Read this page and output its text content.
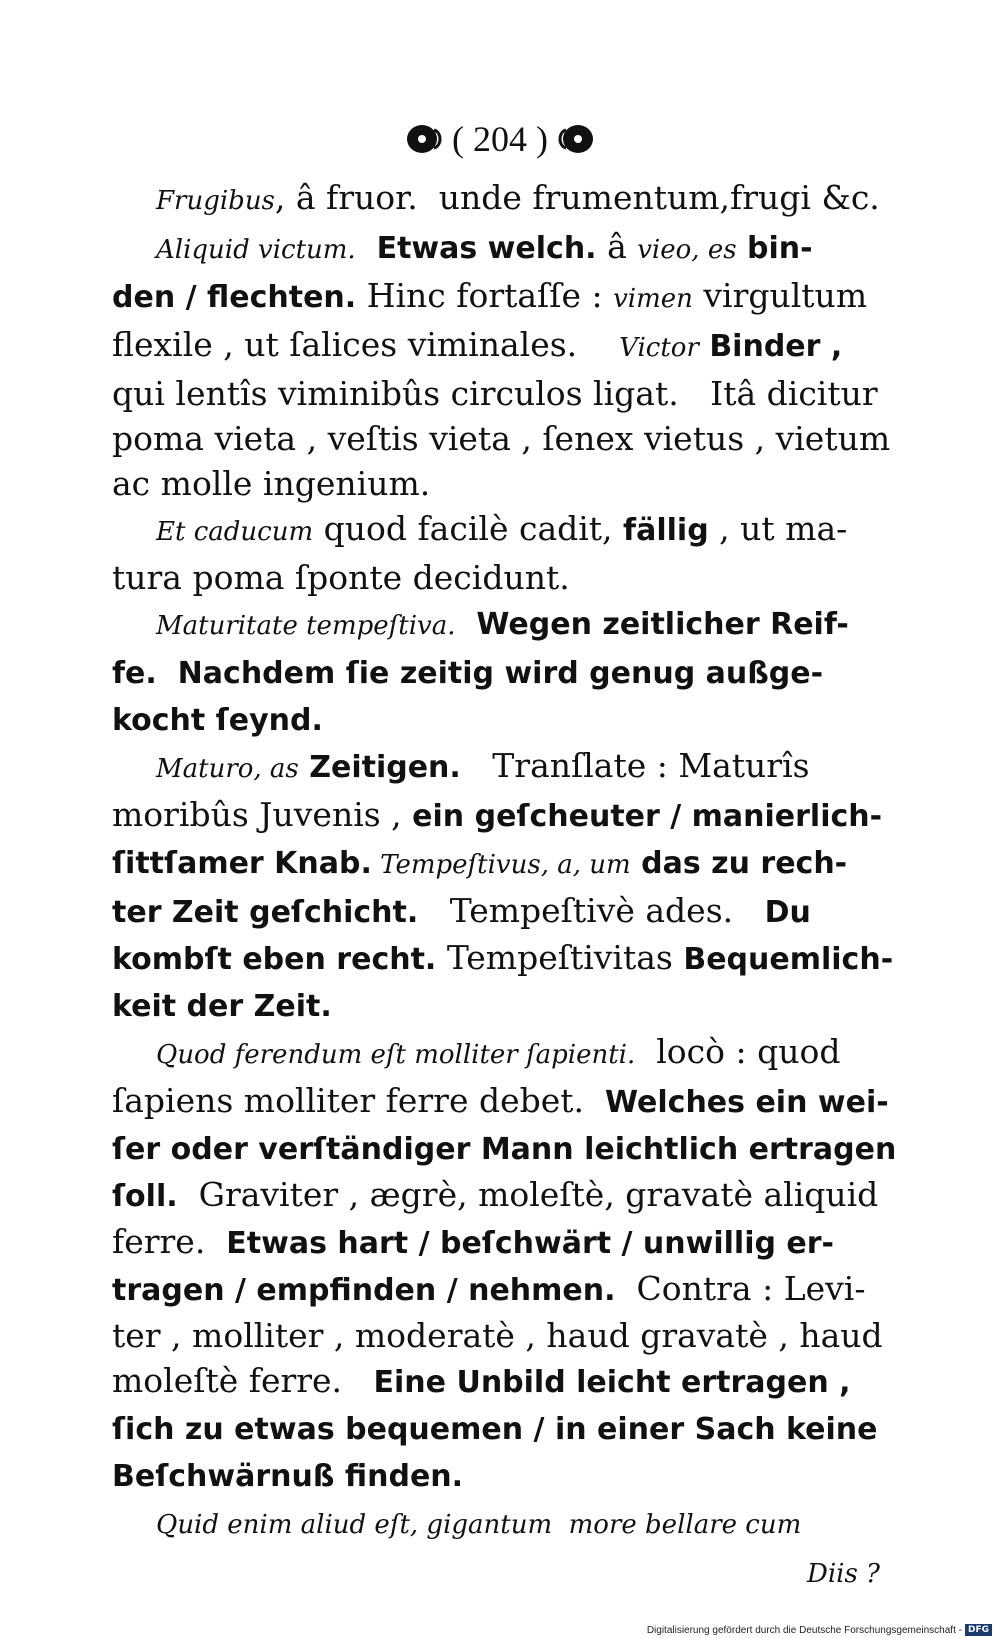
( 204 )
Frugibus, â fruor.  unde frumentum,frugi &c.
Aliquid victum.  Etwas welch. â vieo, es bin-
den / flechten. Hinc fortaſſe : vimen virgultum
flexile , ut ſalices viminales.    Victor Binder ,
qui lentîs viminibûs circulos ligat.   Itâ dicitur
poma vieta , veſtis vieta , ſenex vietus , vietum
ac molle ingenium.
Et caducum quod facilè cadit, fällig , ut ma-
tura poma ſponte decidunt.
Maturitate tempeſtiva.  Wegen zeitlicher Reif-
fe.  Nachdem ſie zeitig wird genug außge-
kocht ſeynd.
Maturo, as Zeitigen.   Tranſlate : Maturîs
moribûs Juvenis , ein geſcheuter / manierlich-
ſittſamer Knab. Tempeſtivus, a, um das zu rech-
ter Zeit geſchicht.   Tempeſtivè ades.   Du
kombſt eben recht. Tempeſtivitas Bequemlich-
keit der Zeit.
Quod ferendum eſt molliter ſapienti.  locò : quod
ſapiens molliter ferre debet.  Welches ein wei-
ſer oder verſtändiger Mann leichtlich ertragen
ſoll.  Graviter , ægrè, moleſtè, gravatè aliquid
ferre.  Etwas hart / beſchwärt / unwillig er-
tragen / empfinden / nehmen.  Contra : Levi-
ter , molliter , moderatè , haud gravatè , haud
moleſtè ferre.   Eine Unbild leicht ertragen ,
ſich zu etwas bequemen / in einer Sach keine
Beſchwärnuß finden.
Quid enim aliud eſt, gigantum  more bellare cum
Diis ?
Digitalisierung gefördert durch die Deutsche Forschungsgemeinschaft - DFG
